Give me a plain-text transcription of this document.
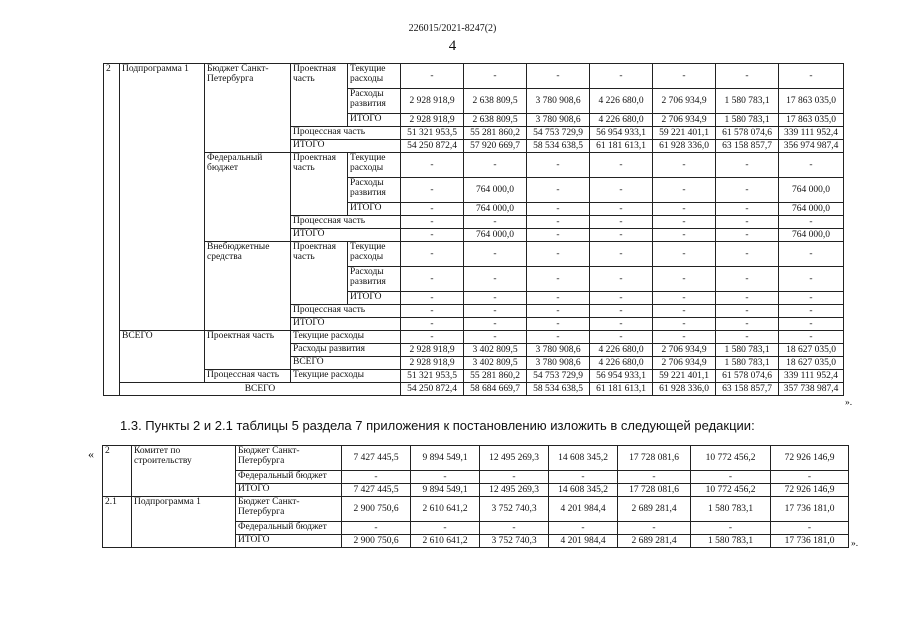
226015/2021-8247(2)
4
2	Подпрограмма 1	Бюджет Санкт-Петербурга	Проектная часть	Текущие расходы	-	-	-	-	-	-	-
				Расходы развития	2 928 918,9	2 638 809,5	3 780 908,6	4 226 680,0	2 706 934,9	1 580 783,1	17 863 035,0
				ИТОГО	2 928 918,9	2 638 809,5	3 780 908,6	4 226 680,0	2 706 934,9	1 580 783,1	17 863 035,0
			Процессная часть		51 321 953,5	55 281 860,2	54 753 729,9	56 954 933,1	59 221 401,1	61 578 074,6	339 111 952,4
			ИТОГО		54 250 872,4	57 920 669,7	58 534 638,5	61 181 613,1	61 928 336,0	63 158 857,7	356 974 987,4
		Федеральный бюджет	Проектная часть	Текущие расходы	-	-	-	-	-	-	-
				Расходы развития	-	764 000,0	-	-	-	-	764 000,0
				ИТОГО	-	764 000,0	-	-	-	-	764 000,0
			Процессная часть		-	-	-	-	-	-	-
			ИТОГО		-	764 000,0	-	-	-	-	764 000,0
		Внебюджетные средства	Проектная часть	Текущие расходы	-	-	-	-	-	-	-
				Расходы развития	-	-	-	-	-	-	-
				ИТОГО	-	-	-	-	-	-	-
			Процессная часть		-	-	-	-	-	-	-
			ИТОГО		-	-	-	-	-	-	-
	ВСЕГО	Проектная часть	Текущие расходы		-	-	-	-	-	-	-
			Расходы развития		2 928 918,9	3 402 809,5	3 780 908,6	4 226 680,0	2 706 934,9	1 580 783,1	18 627 035,0
			ВСЕГО		2 928 918,9	3 402 809,5	3 780 908,6	4 226 680,0	2 706 934,9	1 580 783,1	18 627 035,0
		Процессная часть	Текущие расходы		51 321 953,5	55 281 860,2	54 753 729,9	56 954 933,1	59 221 401,1	61 578 074,6	339 111 952,4
	ВСЕГО				54 250 872,4	58 684 669,7	58 534 638,5	61 181 613,1	61 928 336,0	63 158 857,7	357 738 987,4
».
1.3. Пункты 2 и 2.1 таблицы 5 раздела 7 приложения к постановлению изложить в следующей редакции:
« 2	Комитет по строительству	Бюджет Санкт-Петербурга	7 427 445,5	9 894 549,1	12 495 269,3	14 608 345,2	17 728 081,6	10 772 456,2	72 926 146,9
		Федеральный бюджет	-	-	-	-	-	-	-
		ИТОГО	7 427 445,5	9 894 549,1	12 495 269,3	14 608 345,2	17 728 081,6	10 772 456,2	72 926 146,9
2.1	Подпрограмма 1	Бюджет Санкт-Петербурга	2 900 750,6	2 610 641,2	3 752 740,3	4 201 984,4	2 689 281,4	1 580 783,1	17 736 181,0
		Федеральный бюджет	-	-	-	-	-	-	-
		ИТОГО	2 900 750,6	2 610 641,2	3 752 740,3	4 201 984,4	2 689 281,4	1 580 783,1	17 736 181,0 ».
